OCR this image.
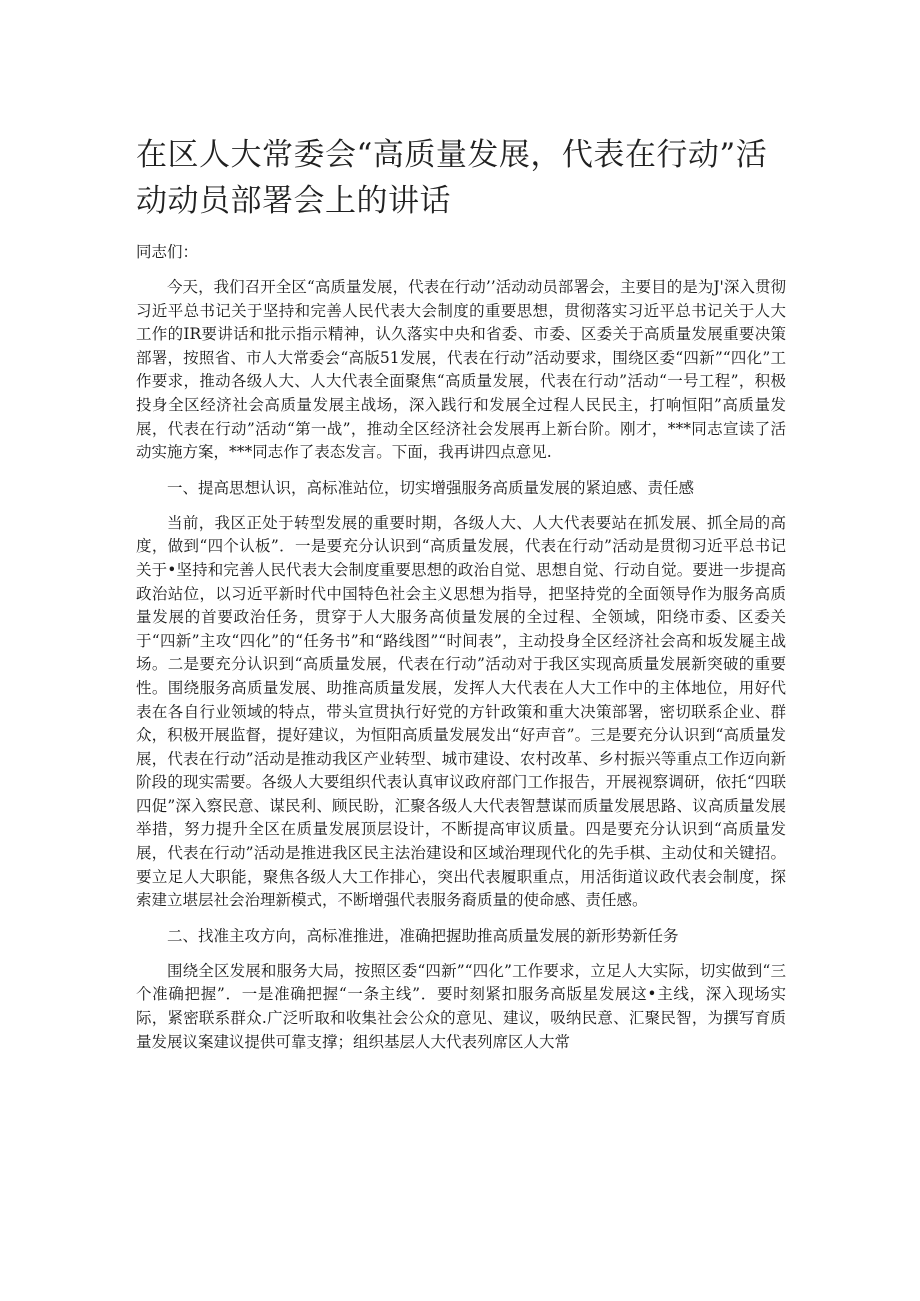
在区人大常委会“高质量发展，代表在行动”活动动员部署会上的讲话
同志们：

今天，我们召开全区“高质量发展，代表在行动’’活动动员部署会，主要目的是为J'深入贯彻习近平总书记关于坚持和完善人民代表大会制度的重要思想，贯彻落实习近平总书记关于人大工作的IR要讲话和批示指示精神，认久落实中央和省委、市委、区委关于高质量发展重要决策部署，按照省、市人大常委会“高版51发展，代表在行动”活动要求，围绕区委“四新”“四化”工作要求，推动各级人大、人大代表全面聚焦“高质量发展，代表在行动”活动“一号工程”，积极投身全区经济社会高质量发展主战场，深入践行和发展全过程人民民主，打响恒阳”高质量发展，代表在行动”活动“第一战”，推动全区经济社会发展再上新台阶。刚才，***同志宣读了活动实施方案，***同志作了表态发言。下面，我再讲四点意见.

一、提高思想认识，高标准站位，切实增强服务高质量发展的紧迫感、责任感

当前，我区正处于转型发展的重要时期，各级人大、人大代表要站在抓发展、抓全局的高度，做到“四个认板”．一是要充分认识到“高质量发展，代表在行动”活动是贯彻习近平总书记关于•坚持和完善人民代表大会制度重要思想的政治自觉、思想自觉、行动自觉。要进一步提高政治站位，以习近平新时代中国特色社会主义思想为指导，把坚持党的全面领导作为服务高质量发展的首要政治任务，贯穿于人大服务高侦量发展的全过程、全领域，阳绕市委、区委关于“四新”主攻“四化”的“任务书”和“路线图”“时间表”，主动投身全区经济社会高和坂发屣主战场。二是要充分认识到“高质量发展，代表在行动”活动对于我区实现高质量发展新突破的重要性。围绕服务高质量发展、助推高质量发展，发挥人大代表在人大工作中的主体地位，用好代表在各自行业领域的特点，带头宣贯执行好党的方针政策和重大决策部署，密切联系企业、群众，积极开展监督，提好建议，为恒阳高质量发展发出“好声音”。三是要充分认识到“高质量发展，代表在行动”活动是推动我区产业转型、城市建设、农村改革、乡村振兴等重点工作迈向新阶段的现实需要。各级人大要组织代表认真审议政府部门工作报告，开展视察调研，依托“四联四促”深入察民意、谋民利、顾民盼，汇聚各级人大代表智慧谋而质量发展思路、议高质量发展举措，努力提升全区在质量发展顶层设计，不断提高审议质量。四是要充分认识到“高质量发展，代表在行动”活动是推进我区民主法治建设和区域治理现代化的先手棋、主动仗和关键招。要立足人大职能，聚焦各级人大工作排心，突出代表履职重点，用活街道议政代表会制度，探索建立堪层社会治理新模式，不断增强代表服务裔质量的使命感、责任感。

二、找准主攻方向，高标准推进，准确把握助推高质量发展的新形势新任务

围绕全区发展和服务大局，按照区委“四新”“四化”工作要求，立足人大实际，切实做到“三个准确把握”．一是准确把握“一条主线”．要时刻紧扣服务高版星发展这•主线，深入现场实际，紧密联系群众.广泛听取和收集社会公众的意见、建议，吸纳民意、汇聚民智，为撰写育质量发展议案建议提供可靠支撑；组织基层人大代表列席区人大常
